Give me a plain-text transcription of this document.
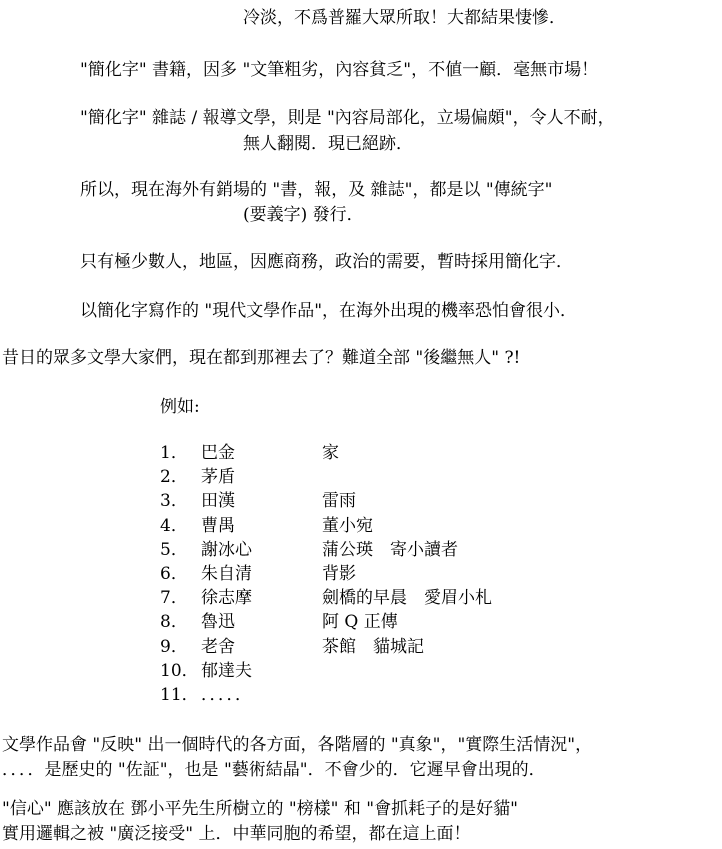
冷淡，不爲普羅大眾所取！大都結果悽慘．
"簡化字" 書籍，因多 "文筆粗劣，內容貧乏"，不値一顧．毫無市場！
"簡化字" 雜誌 / 報導文學，則是 "內容局部化，立場偏頗"，令人不耐，
無人翻閱．現已絕跡．
所以，現在海外有銷場的 "書，報，及 雜誌"，都是以 "傳統字"
(要義字) 發行．
只有極少數人，地區，因應商務，政治的需要，暫時採用簡化字．
以簡化字寫作的 "現代文學作品"，在海外出現的機率恐怕會很小．
昔日的眾多文學大家們，現在都到那裡去了？難道全部 "後繼無人" ?!
例如:
1． 巴金	家
2． 茅盾
3． 田漢	雷雨
4． 曹禺	董小宛
5． 謝冰心	蒲公瑛　寄小讀者
6． 朱自清	背影
7． 徐志摩	劍橋的早晨　愛眉小札
8． 魯迅	阿 Q 正傳
9． 老舍	茶館　貓城記
10． 郁達夫
11． ．．．．．
文學作品會 "反映" 出一個時代的各方面，各階層的 "真象"，"實際生活情況"，
．．．．是歷史的 "佐証"，也是 "藝術結晶"．不會少的．它遲早會出現的．
"信心" 應該放在 鄧小平先生所樹立的 "榜樣" 和 "會抓耗子的是好貓"
實用邏輯之被 "廣泛接受" 上．中華同胞的希望，都在這上面！
